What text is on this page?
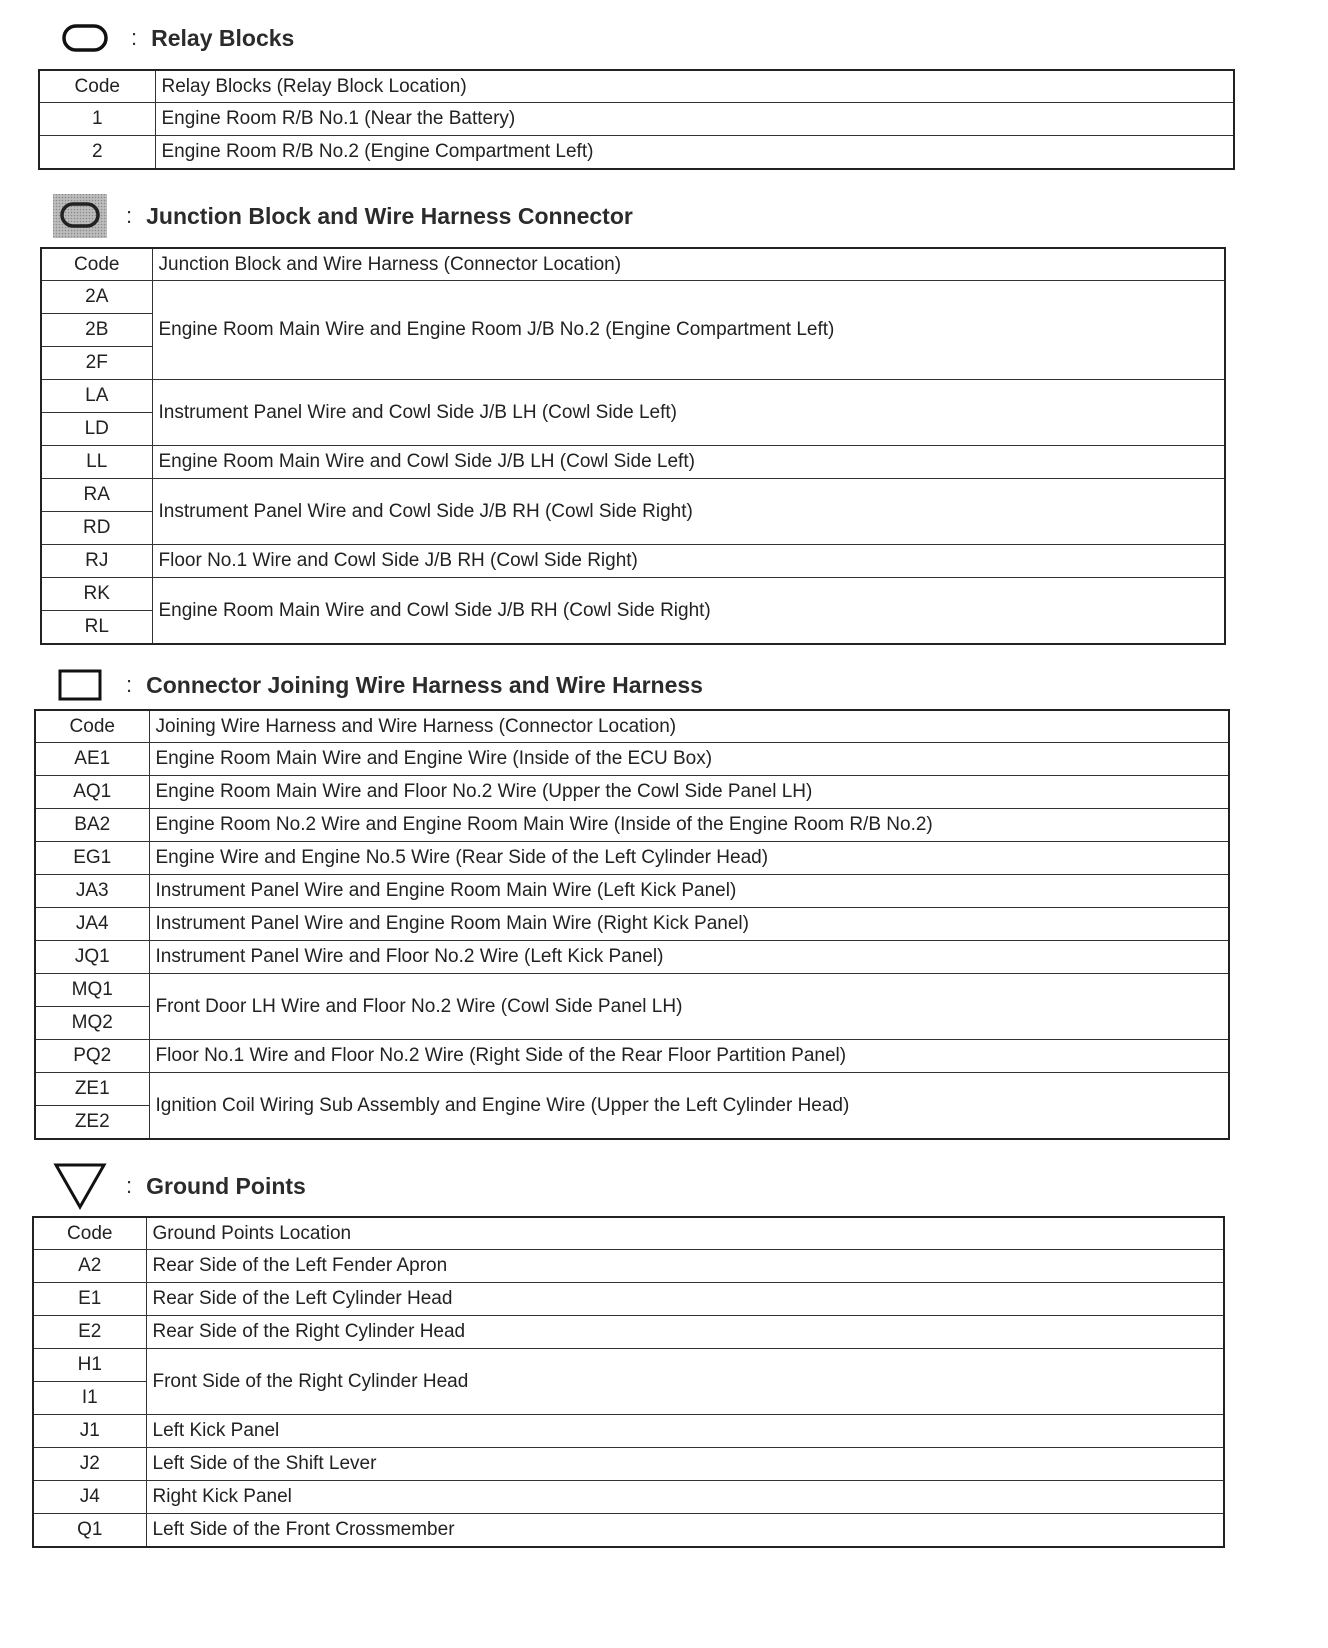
: Relay Blocks
Code	Relay Blocks (Relay Block Location)
1	Engine Room R/B No.1 (Near the Battery)
2	Engine Room R/B No.2 (Engine Compartment Left)
: Junction Block and Wire Harness Connector
Code	Junction Block and Wire Harness (Connector Location)
2A	Engine Room Main Wire and Engine Room J/B No.2 (Engine Compartment Left)
2B	
2F	
LA	Instrument Panel Wire and Cowl Side J/B LH (Cowl Side Left)
LD	
LL	Engine Room Main Wire and Cowl Side J/B LH (Cowl Side Left)
RA	Instrument Panel Wire and Cowl Side J/B RH (Cowl Side Right)
RD	
RJ	Floor No.1 Wire and Cowl Side J/B RH (Cowl Side Right)
RK	Engine Room Main Wire and Cowl Side J/B RH (Cowl Side Right)
RL	
: Connector Joining Wire Harness and Wire Harness
Code	Joining Wire Harness and Wire Harness (Connector Location)
AE1	Engine Room Main Wire and Engine Wire (Inside of the ECU Box)
AQ1	Engine Room Main Wire and Floor No.2 Wire (Upper the Cowl Side Panel LH)
BA2	Engine Room No.2 Wire and Engine Room Main Wire (Inside of the Engine Room R/B No.2)
EG1	Engine Wire and Engine No.5 Wire (Rear Side of the Left Cylinder Head)
JA3	Instrument Panel Wire and Engine Room Main Wire (Left Kick Panel)
JA4	Instrument Panel Wire and Engine Room Main Wire (Right Kick Panel)
JQ1	Instrument Panel Wire and Floor No.2 Wire (Left Kick Panel)
MQ1	Front Door LH Wire and Floor No.2 Wire (Cowl Side Panel LH)
MQ2	
PQ2	Floor No.1 Wire and Floor No.2 Wire (Right Side of the Rear Floor Partition Panel)
ZE1	Ignition Coil Wiring Sub Assembly and Engine Wire (Upper the Left Cylinder Head)
ZE2	
: Ground Points
Code	Ground Points Location
A2	Rear Side of the Left Fender Apron
E1	Rear Side of the Left Cylinder Head
E2	Rear Side of the Right Cylinder Head
H1	Front Side of the Right Cylinder Head
I1	
J1	Left Kick Panel
J2	Left Side of the Shift Lever
J4	Right Kick Panel
Q1	Left Side of the Front Crossmember
